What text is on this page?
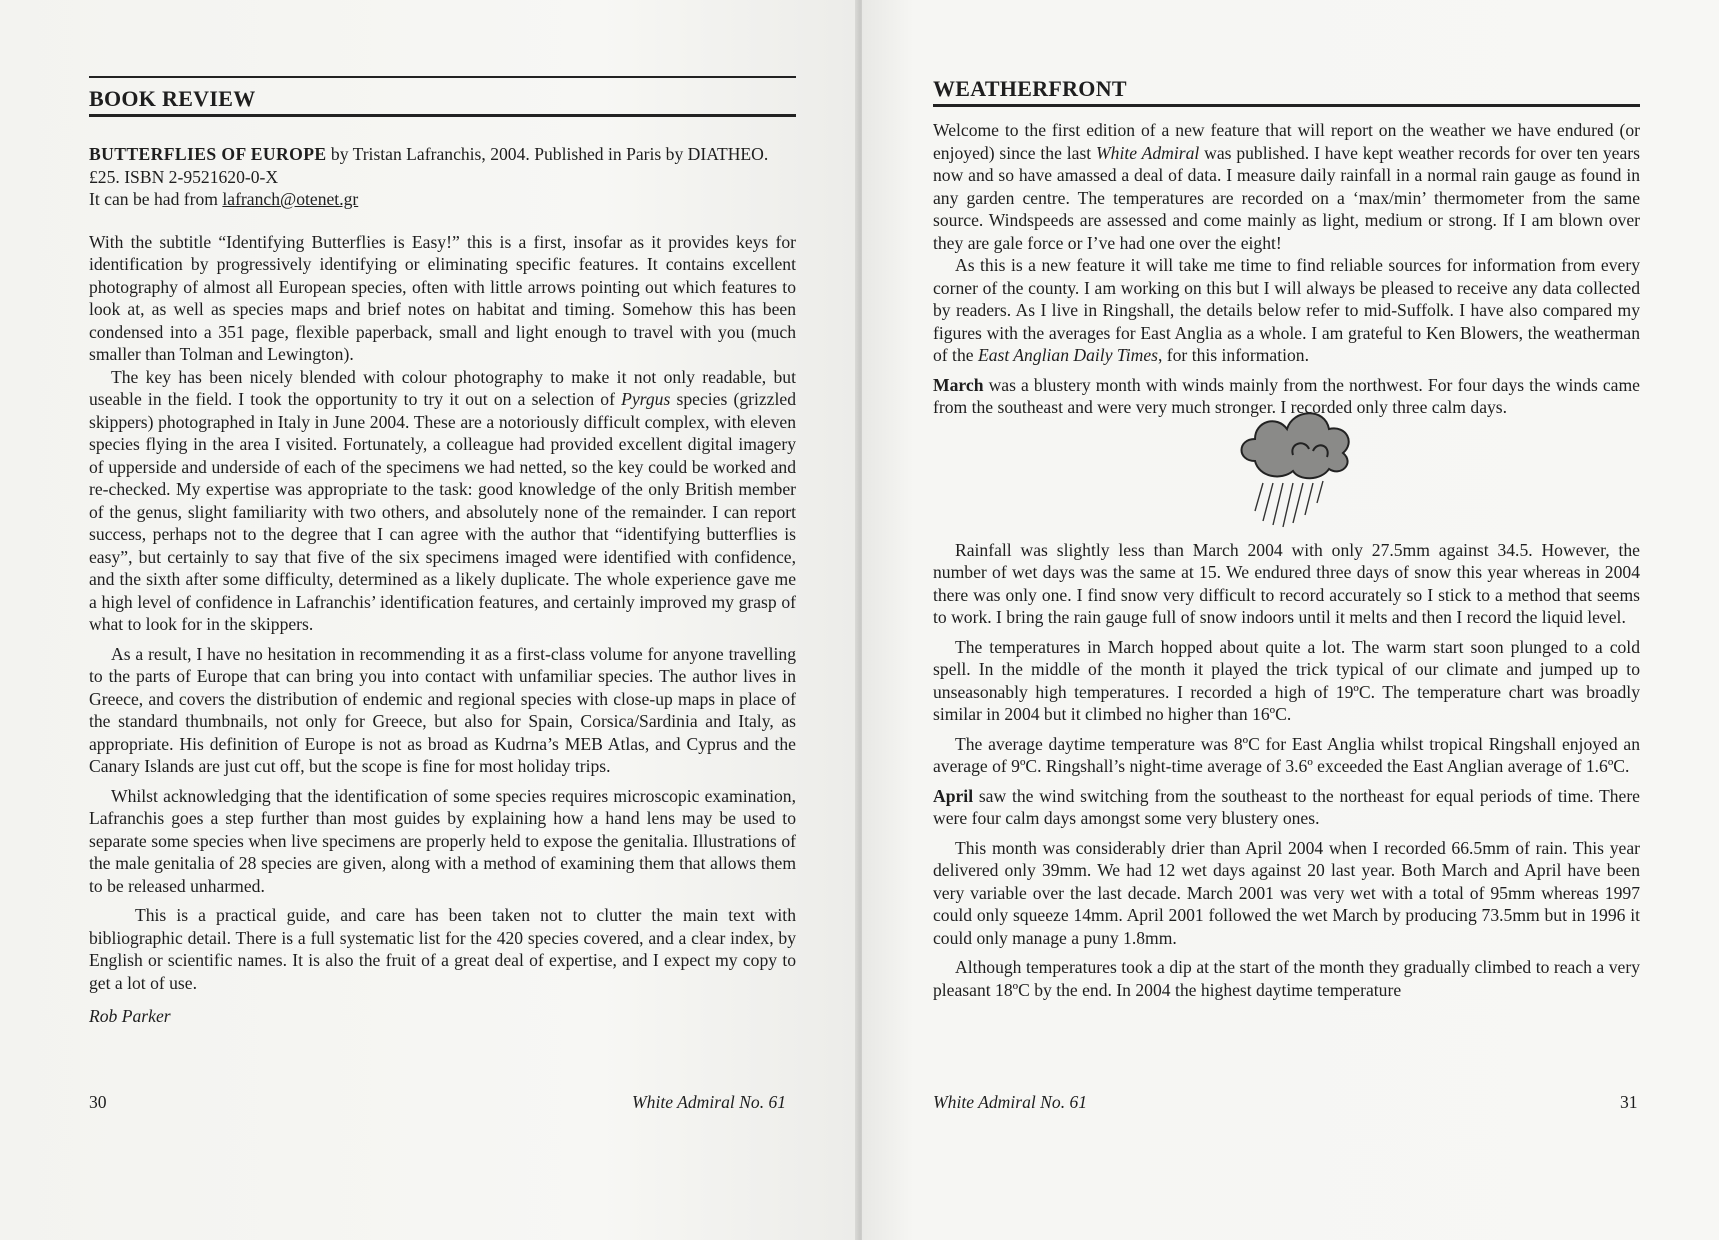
BOOK REVIEW

BUTTERFLIES OF EUROPE by Tristan Lafranchis, 2004. Published in Paris by DIATHEO. £25. ISBN 2-9521620-0-X
It can be had from lafranch@otenet.gr

With the subtitle “Identifying Butterflies is Easy!” this is a first, insofar as it provides keys for identification by progressively identifying or eliminating specific features. It contains excellent photography of almost all European species, often with little arrows pointing out which features to look at, as well as species maps and brief notes on habitat and timing. Somehow this has been condensed into a 351 page, flexible paperback, small and light enough to travel with you (much smaller than Tolman and Lewington).

The key has been nicely blended with colour photography to make it not only readable, but useable in the field. I took the opportunity to try it out on a selection of Pyrgus species (grizzled skippers) photographed in Italy in June 2004. These are a notoriously difficult complex, with eleven species flying in the area I visited. Fortunately, a colleague had provided excellent digital imagery of upperside and underside of each of the specimens we had netted, so the key could be worked and re-checked. My expertise was appropriate to the task: good knowledge of the only British member of the genus, slight familiarity with two others, and absolutely none of the remainder. I can report success, perhaps not to the degree that I can agree with the author that “identifying butterflies is easy”, but certainly to say that five of the six specimens imaged were identified with confidence, and the sixth after some difficulty, determined as a likely duplicate. The whole experience gave me a high level of confidence in Lafranchis’ identification features, and certainly improved my grasp of what to look for in the skippers.

As a result, I have no hesitation in recommending it as a first-class volume for anyone travelling to the parts of Europe that can bring you into contact with unfamiliar species. The author lives in Greece, and covers the distribution of endemic and regional species with close-up maps in place of the standard thumbnails, not only for Greece, but also for Spain, Corsica/Sardinia and Italy, as appropriate. His definition of Europe is not as broad as Kudrna’s MEB Atlas, and Cyprus and the Canary Islands are just cut off, but the scope is fine for most holiday trips.

Whilst acknowledging that the identification of some species requires microscopic examination, Lafranchis goes a step further than most guides by explaining how a hand lens may be used to separate some species when live specimens are properly held to expose the genitalia. Illustrations of the male genitalia of 28 species are given, along with a method of examining them that allows them to be released unharmed.

This is a practical guide, and care has been taken not to clutter the main text with bibliographic detail. There is a full systematic list for the 420 species covered, and a clear index, by English or scientific names. It is also the fruit of a great deal of expertise, and I expect my copy to get a lot of use.

Rob Parker
30	White Admiral No. 61
WEATHERFRONT

Welcome to the first edition of a new feature that will report on the weather we have endured (or enjoyed) since the last White Admiral was published. I have kept weather records for over ten years now and so have amassed a deal of data. I measure daily rainfall in a normal rain gauge as found in any garden centre. The temperatures are recorded on a ‘max/min’ thermometer from the same source. Windspeeds are assessed and come mainly as light, medium or strong. If I am blown over they are gale force or I’ve had one over the eight!

As this is a new feature it will take me time to find reliable sources for information from every corner of the county. I am working on this but I will always be pleased to receive any data collected by readers. As I live in Ringshall, the details below refer to mid-Suffolk. I have also compared my figures with the averages for East Anglia as a whole. I am grateful to Ken Blowers, the weatherman of the East Anglian Daily Times, for this information.

March was a blustery month with winds mainly from the northwest. For four days the winds came from the southeast and were very much stronger. I recorded only three calm days.

Rainfall was slightly less than March 2004 with only 27.5mm against 34.5. However, the number of wet days was the same at 15. We endured three days of snow this year whereas in 2004 there was only one. I find snow very difficult to record accurately so I stick to a method that seems to work. I bring the rain gauge full of snow indoors until it melts and then I record the liquid level.

The temperatures in March hopped about quite a lot. The warm start soon plunged to a cold spell. In the middle of the month it played the trick typical of our climate and jumped up to unseasonably high temperatures. I recorded a high of 19ºC. The temperature chart was broadly similar in 2004 but it climbed no higher than 16ºC.

The average daytime temperature was 8ºC for East Anglia whilst tropical Ringshall enjoyed an average of 9ºC. Ringshall’s night-time average of 3.6º exceeded the East Anglian average of 1.6ºC.

April saw the wind switching from the southeast to the northeast for equal periods of time. There were four calm days amongst some very blustery ones.

This month was considerably drier than April 2004 when I recorded 66.5mm of rain. This year delivered only 39mm. We had 12 wet days against 20 last year. Both March and April have been very variable over the last decade. March 2001 was very wet with a total of 95mm whereas 1997 could only squeeze 14mm. April 2001 followed the wet March by producing 73.5mm but in 1996 it could only manage a puny 1.8mm.

Although temperatures took a dip at the start of the month they gradually climbed to reach a very pleasant 18ºC by the end. In 2004 the highest daytime temperature

White Admiral No. 61	31
